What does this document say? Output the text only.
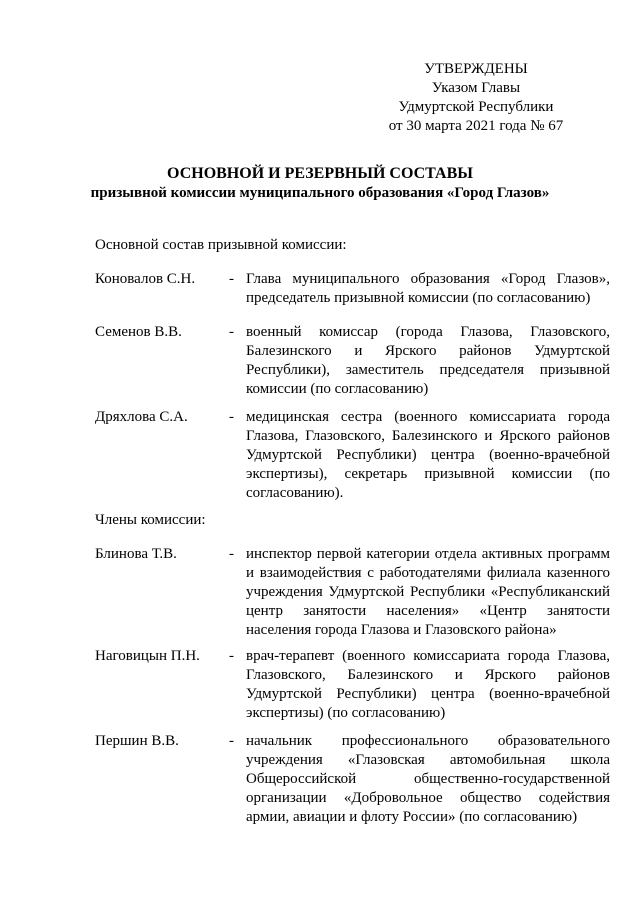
УТВЕРЖДЕНЫ
Указом Главы
Удмуртской Республики
от 30 марта 2021 года № 67
ОСНОВНОЙ И РЕЗЕРВНЫЙ СОСТАВЫ
призывной комиссии муниципального образования «Город Глазов»
Основной состав призывной комиссии:
Коновалов С.Н. - Глава муниципального образования «Город Глазов», председатель призывной комиссии (по согласованию)
Семенов В.В.	- военный комиссар (города Глазова, Глазовского, Балезинского и Ярского районов Удмуртской Республики), заместитель председателя призывной комиссии (по согласованию)
Дряхлова С.А.	- медицинская сестра (военного комиссариата города Глазова, Глазовского, Балезинского и Ярского районов Удмуртской Республики) центра (военно-врачебной экспертизы), секретарь призывной комиссии (по согласованию).
Члены комиссии:
Блинова Т.В.	- инспектор первой категории отдела активных программ и взаимодействия с работодателями филиала казенного учреждения Удмуртской Республики «Республиканский центр занятости населения» «Центр занятости населения города Глазова и Глазовского района»
Наговицын П.Н. - врач-терапевт (военного комиссариата города Глазова, Глазовского, Балезинского и Ярского районов Удмуртской Республики) центра (военно-врачебной экспертизы) (по согласованию)
Першин В.В.	- начальник профессионального образовательного учреждения «Глазовская автомобильная школа Общероссийской общественно-государственной организации «Добровольное общество содействия армии, авиации и флоту России» (по согласованию)
